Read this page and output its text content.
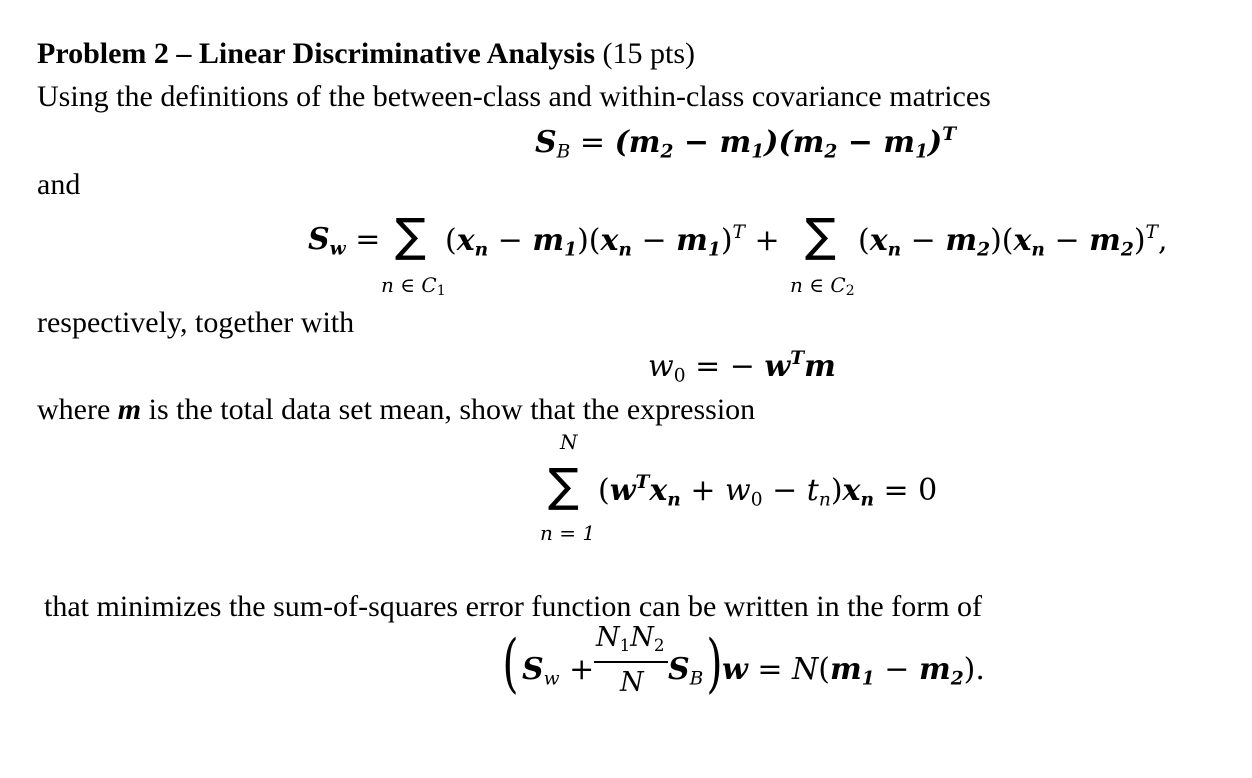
Problem 2 – Linear Discriminative Analysis (15 pts)
Using the definitions of the between-class and within-class covariance matrices
$S_B = (m_2 - m_1)(m_2 - m_1)^T$
and
$S_w$ = ∑ $(x_n - m_1)(x_n - m_1)^T$ +
n ∈ C1
∑ $(x_n - m_2)(x_n - m_2)^T$,
n ∈ C2
respectively, together with
$w_0$ = − $w^Tm$
where m is the total data set mean, show that the expression
N
∑ $(w^Tx_n + w_0 - t_n)x_n = 0$
n = 1
that minimizes the sum-of-squares error function can be written in the form of
( $S_w$ +
$N_1N_2$
N $S_B$ ) $w = N(m_1 - m_2)$.
